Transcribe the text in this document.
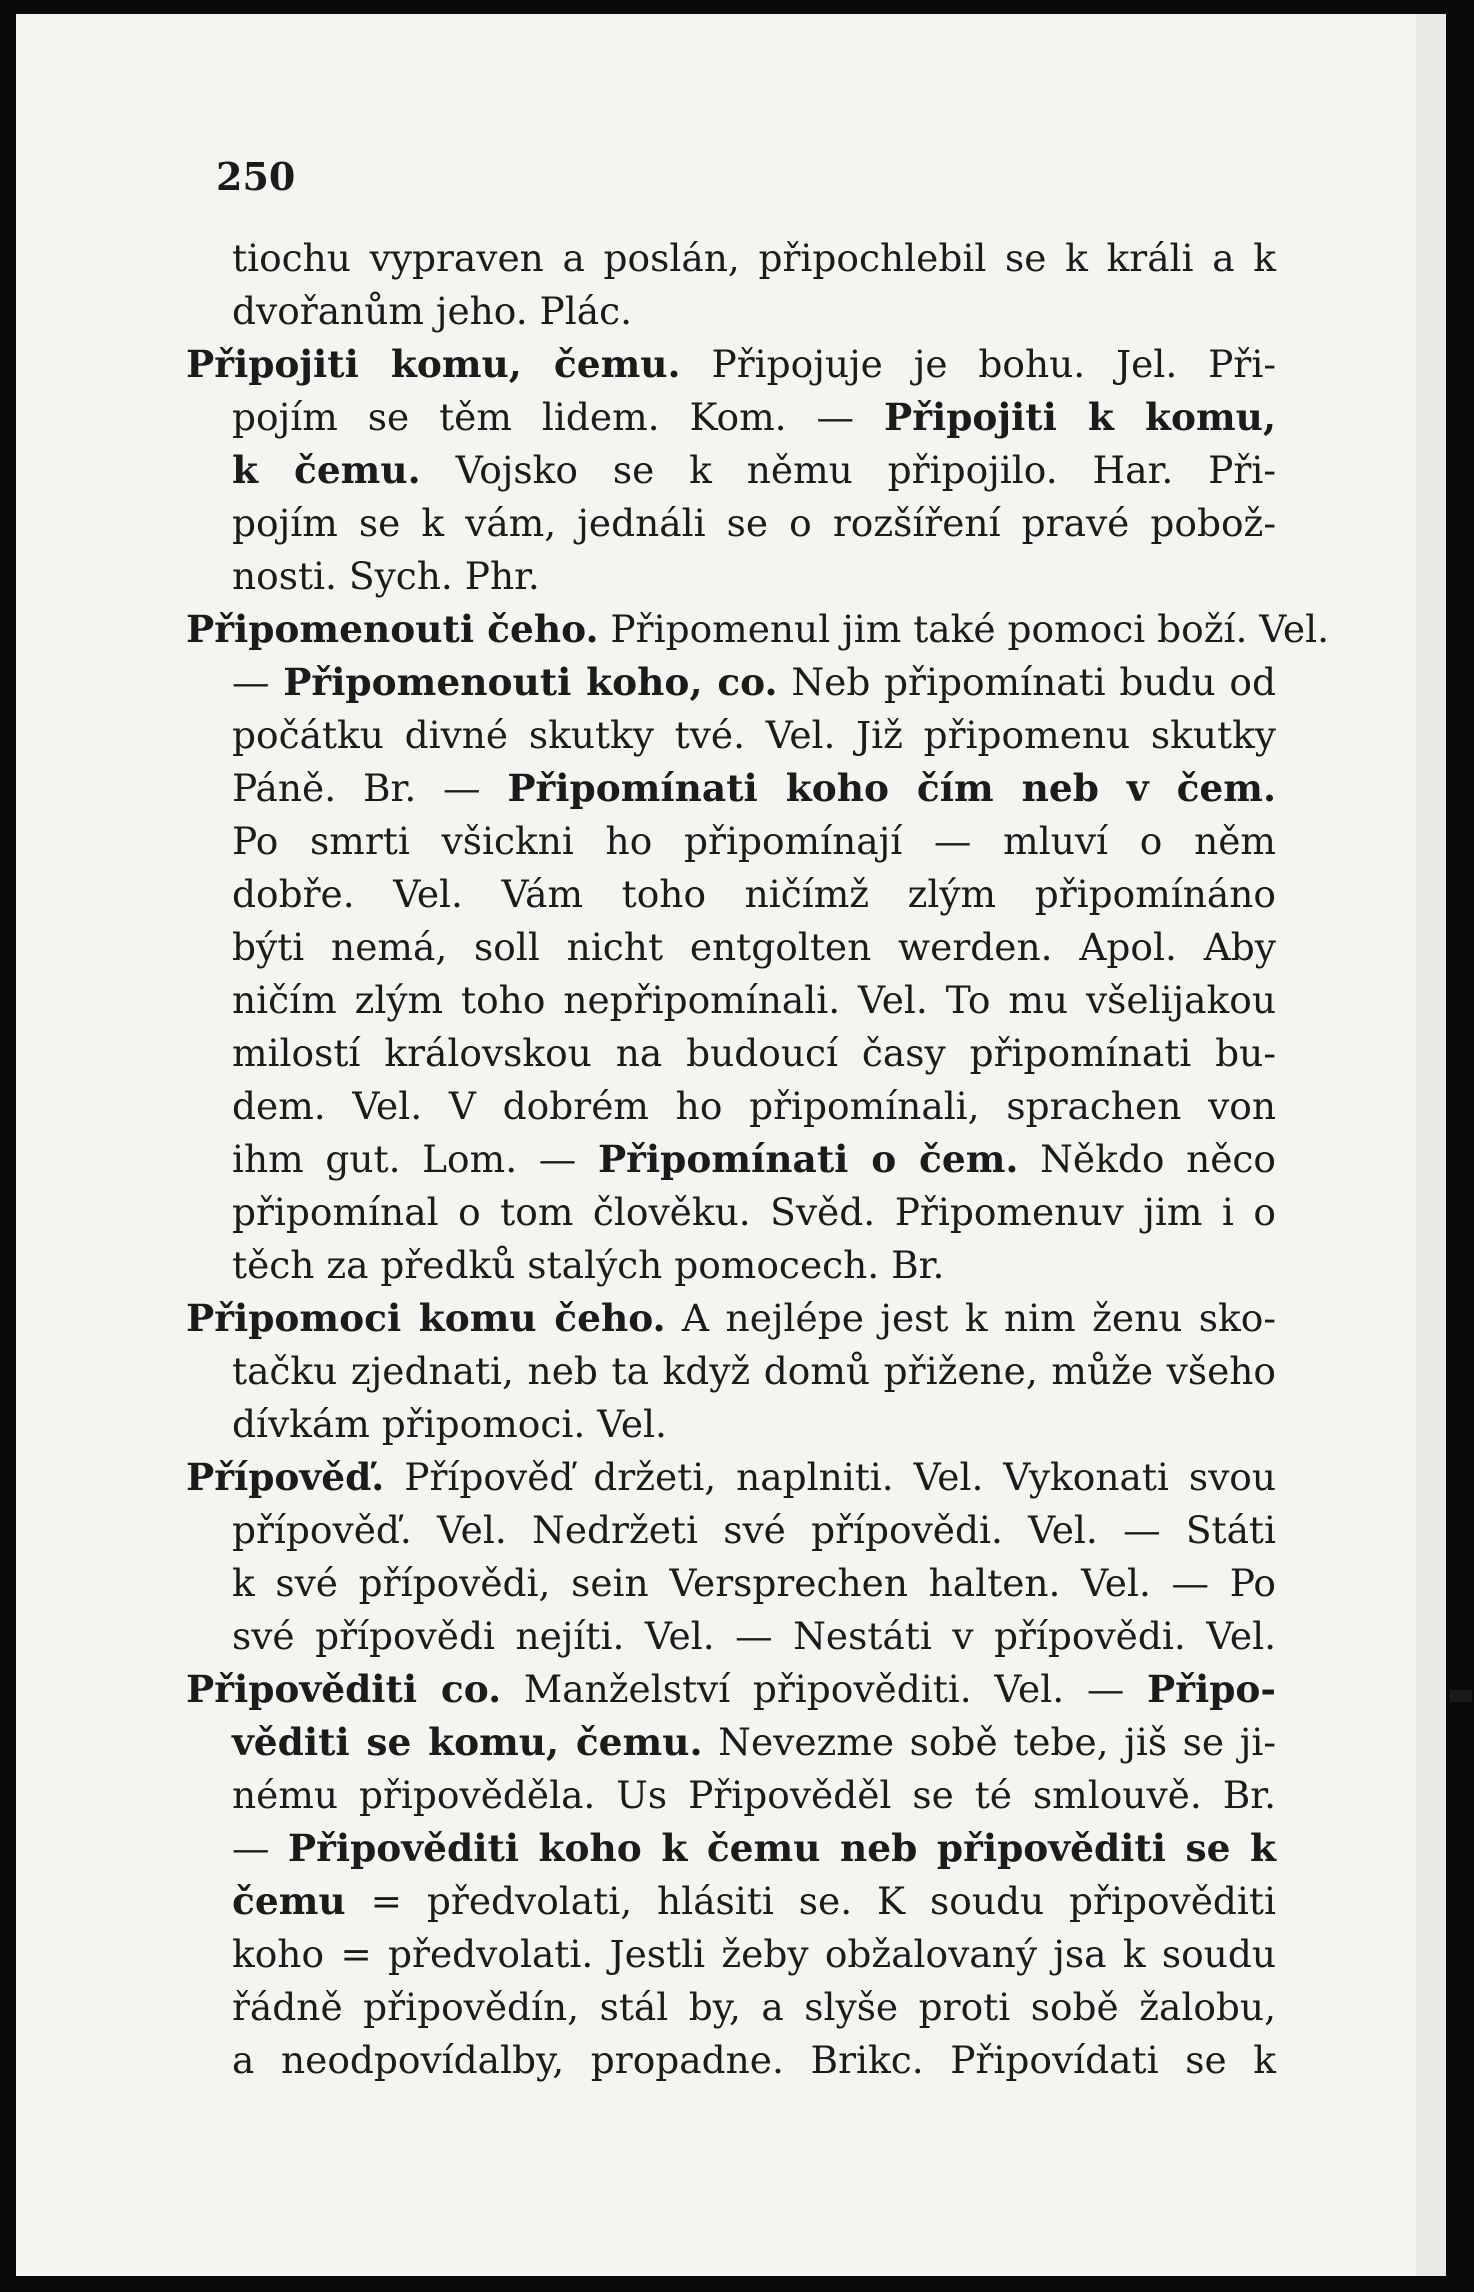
250
tiochu vypraven a poslán, připochlebil se k králi a k
dvořanům jeho. Plác.
Připojiti komu, čemu. Připojuje je bohu. Jel. Při-
pojím se těm lidem. Kom. — Připojiti k komu,
k čemu. Vojsko se k němu připojilo. Har. Při-
pojím se k vám, jednáli se o rozšíření pravé pobož-
nosti. Sych. Phr.
Připomenouti čeho. Připomenul jim také pomoci boží. Vel.
— Připomenouti koho, co. Neb připomínati budu od
počátku divné skutky tvé. Vel. Již připomenu skutky
Páně. Br. — Připomínati koho čím neb v čem.
Po smrti všickni ho připomínají — mluví o něm
dobře. Vel. Vám toho ničímž zlým připomínáno
býti nemá, soll nicht entgolten werden. Apol. Aby
ničím zlým toho nepřipomínali. Vel. To mu všelijakou
milostí královskou na budoucí časy připomínati bu-
dem. Vel. V dobrém ho připomínali, sprachen von
ihm gut. Lom. — Připomínati o čem. Někdo něco
připomínal o tom člověku. Svěd. Připomenuv jim i o
těch za předků stalých pomocech. Br.
Připomoci komu čeho. A nejlépe jest k nim ženu sko-
tačku zjednati, neb ta když domů přižene, může všeho
dívkám připomoci. Vel.
Přípověď. Přípověď držeti, naplniti. Vel. Vykonati svou
přípověď. Vel. Nedržeti své přípovědi. Vel. — Státi
k své přípovědi, sein Versprechen halten. Vel. — Po
své přípovědi nejíti. Vel. — Nestáti v přípovědi. Vel.
Připověditi co. Manželství připověditi. Vel. — Připo-
věditi se komu, čemu. Nevezme sobě tebe, jiš se ji-
nému připověděla. Us Připověděl se té smlouvě. Br.
— Připověditi koho k čemu neb připověditi se k
čemu = předvolati, hlásiti se. K soudu připověditi
koho = předvolati. Jestli žeby obžalovaný jsa k soudu
řádně připovědín, stál by, a slyše proti sobě žalobu,
a neodpovídalby, propadne. Brikc. Připovídati se k
